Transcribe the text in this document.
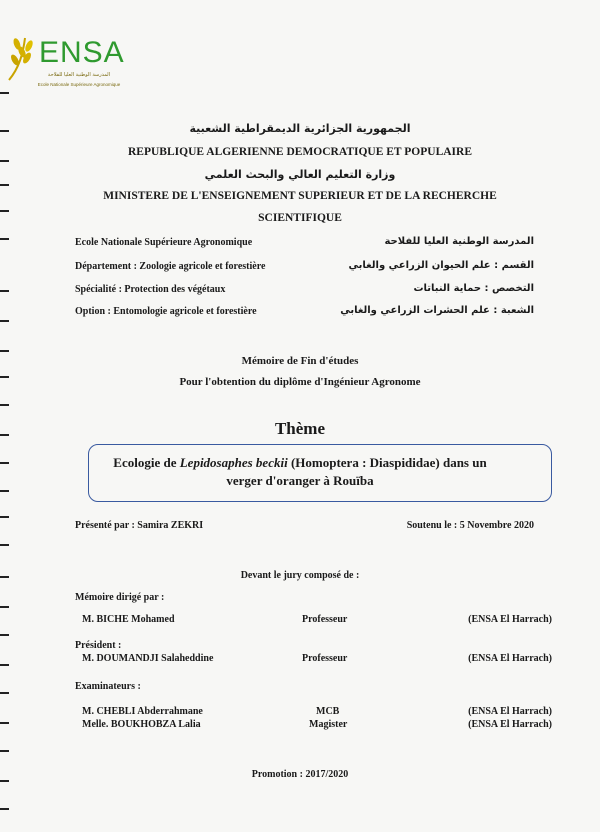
ENSA
المدرسة الوطنية العليا للفلاحة
Ecole Nationale Supérieure Agronomique
الجمهورية الجزائرية الديمقراطية الشعبية
REPUBLIQUE ALGERIENNE DEMOCRATIQUE ET POPULAIRE
وزارة التعليم العالي والبحث العلمي
MINISTERE DE L'ENSEIGNEMENT SUPERIEUR ET DE LA RECHERCHE
SCIENTIFIQUE
Ecole Nationale Supérieure Agronomique	المدرسة الوطنية العليا للفلاحة
Département : Zoologie agricole et forestière	القسم : علم الحيوان الزراعي والغابي
Spécialité : Protection des végétaux	التخصص : حماية النباتات
Option : Entomologie agricole et forestière	الشعبة : علم الحشرات الزراعي والغابي
Mémoire de Fin d'études
Pour l'obtention du diplôme d'Ingénieur Agronome
Thème
Ecologie de Lepidosaphes beckii (Homoptera : Diaspididae) dans un
verger d'oranger à Rouïba
Présenté par : Samira ZEKRI	Soutenu le : 5 Novembre 2020
Devant le jury composé de :
Mémoire dirigé par :
M. BICHE Mohamed	Professeur	(ENSA El Harrach)
Président :
M. DOUMANDJI Salaheddine	Professeur	(ENSA El Harrach)
Examinateurs :
M. CHEBLI Abderrahmane	MCB	(ENSA El Harrach)
Melle. BOUKHOBZA Lalia	Magister	(ENSA El Harrach)
Promotion : 2017/2020
